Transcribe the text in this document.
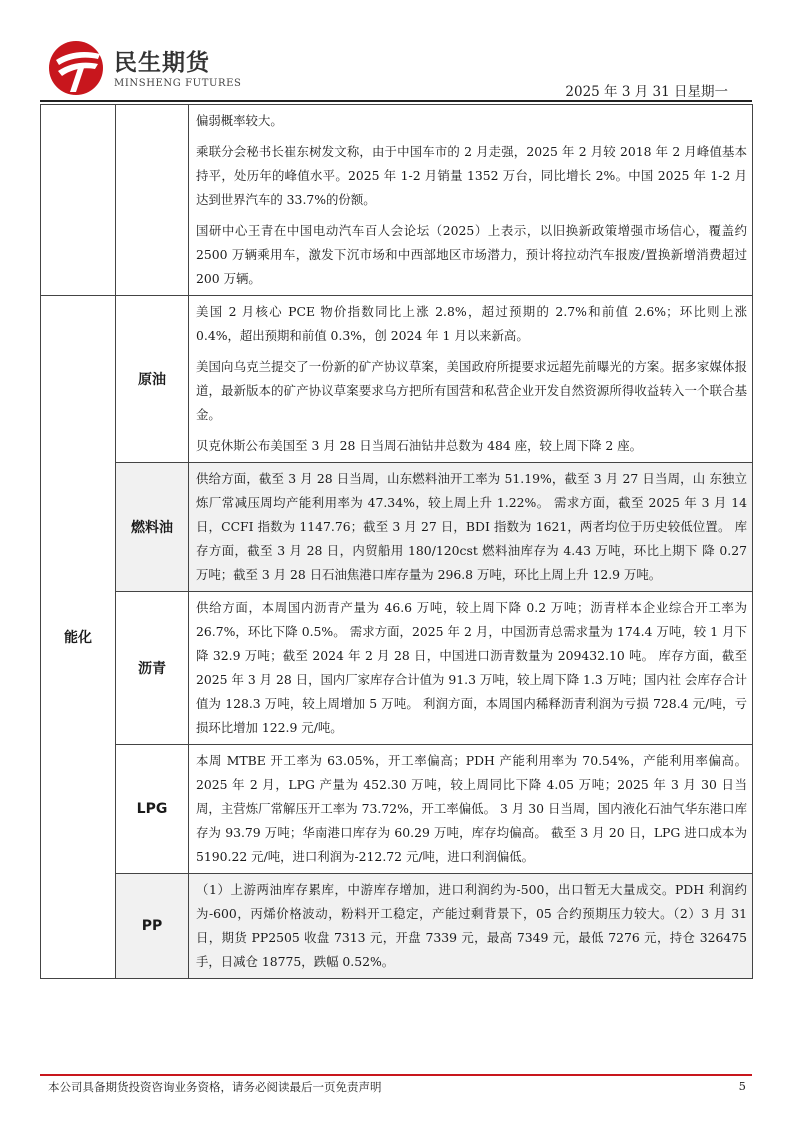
民生期货
MINSHENG FUTURES
2025 年 3 月 31 日星期一

		偏弱概率较大。

乘联分会秘书长崔东树发文称，由于中国车市的 2 月走强，2025 年 2 月较 2018 年 2 月峰值基本持平，处历年的峰值水平。2025 年 1-2 月销量 1352 万台，同比增长 2%。中国 2025 年 1-2 月达到世界汽车的 33.7%的份额。

国研中心王青在中国电动汽车百人会论坛（2025）上表示，以旧换新政策增强市场信心，覆盖约 2500 万辆乘用车，激发下沉市场和中西部地区市场潜力，预计将拉动汽车报废/置换新增消费超过 200 万辆。

能化	原油	美国 2 月核心 PCE 物价指数同比上涨 2.8%，超过预期的 2.7%和前值 2.6%；环比则上涨 0.4%，超出预期和前值 0.3%，创 2024 年 1 月以来新高。

美国向乌克兰提交了一份新的矿产协议草案，美国政府所提要求远超先前曝光的方案。据多家媒体报道，最新版本的矿产协议草案要求乌方把所有国营和私营企业开发自然资源所得收益转入一个联合基金。

贝克休斯公布美国至 3 月 28 日当周石油钻井总数为 484 座，较上周下降 2 座。

	燃料油	供给方面，截至 3 月 28 日当周，山东燃料油开工率为 51.19%，截至 3 月 27 日当周，山 东独立炼厂常减压周均产能利用率为 47.34%，较上周上升 1.22%。 需求方面，截至 2025 年 3 月 14 日，CCFI 指数为 1147.76；截至 3 月 27 日，BDI 指数为 1621，两者均位于历史较低位置。 库存方面，截至 3 月 28 日，内贸船用 180/120cst 燃料油库存为 4.43 万吨，环比上期下 降 0.27 万吨；截至 3 月 28 日石油焦港口库存量为 296.8 万吨，环比上周上升 12.9 万吨。

	沥青	供给方面，本周国内沥青产量为 46.6 万吨，较上周下降 0.2 万吨；沥青样本企业综合开工率为 26.7%，环比下降 0.5%。 需求方面，2025 年 2 月，中国沥青总需求量为 174.4 万吨，较 1 月下降 32.9 万吨；截至 2024 年 2 月 28 日，中国进口沥青数量为 209432.10 吨。 库存方面，截至 2025 年 3 月 28 日，国内厂家库存合计值为 91.3 万吨，较上周下降 1.3 万吨；国内社 会库存合计值为 128.3 万吨，较上周增加 5 万吨。 利润方面，本周国内稀释沥青利润为亏损 728.4 元/吨，亏损环比增加 122.9 元/吨。

	LPG	本周 MTBE 开工率为 63.05%，开工率偏高；PDH 产能利用率为 70.54%，产能利用率偏高。 2025 年 2 月，LPG 产量为 452.30 万吨，较上周同比下降 4.05 万吨；2025 年 3 月 30 日当周，主营炼厂常解压开工率为 73.72%，开工率偏低。 3 月 30 日当周，国内液化石油气华东港口库存为 93.79 万吨；华南港口库存为 60.29 万吨，库存均偏高。 截至 3 月 20 日，LPG 进口成本为 5190.22 元/吨，进口利润为-212.72 元/吨，进口利润偏低。

	PP	（1）上游两油库存累库，中游库存增加，进口利润约为-500，出口暂无大量成交。PDH 利润约为-600，丙烯价格波动，粉料开工稳定，产能过剩背景下，05 合约预期压力较大。（2）3 月 31 日，期货 PP2505 收盘 7313 元，开盘 7339 元，最高 7349 元，最低 7276 元，持仓 326475 手，日减仓 18775，跌幅 0.52%。

本公司具备期货投资咨询业务资格，请务必阅读最后一页免责声明	5
